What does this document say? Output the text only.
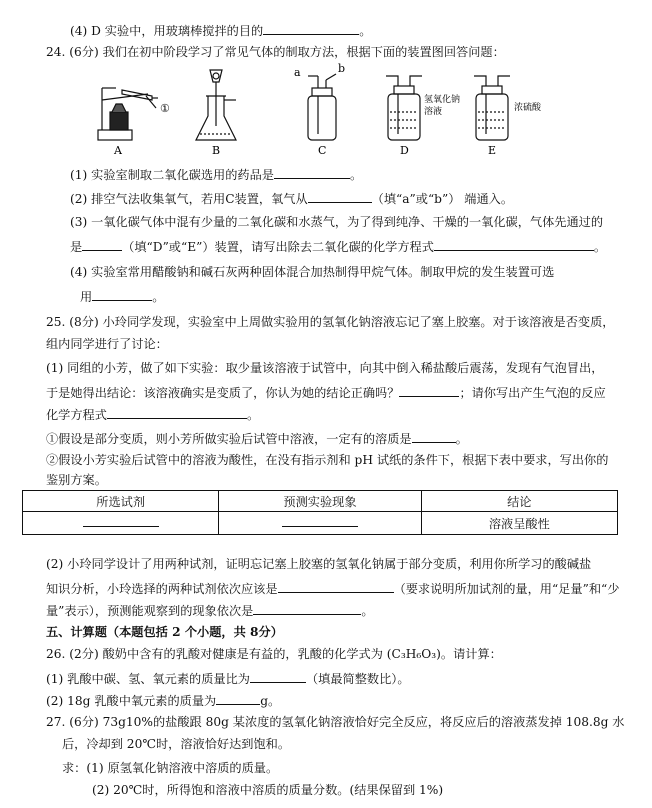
(4) D 实验中，用玻璃棒搅拌的目的	。
24. (6分) 我们在初中阶段学习了常见气体的制取方法，根据下面的装置图回答问题：
①
A	B
a	b
C
氢氧化钠
溶液
D
浓硫酸
E
(1) 实验室制取二氧化碳选用的药品是	。
(2) 排空气法收集氧气，若用C装置，氧气从	（填“a”或“b”） 端通入。
(3) 一氧化碳气体中混有少量的二氧化碳和水蒸气，为了得到纯净、干燥的一氧化碳，气体先通过的
是	（填“D”或“E”）装置，请写出除去二氧化碳的化学方程式	。
(4) 实验室常用醋酸钠和碱石灰两种固体混合加热制得甲烷气体。制取甲烷的发生装置可选
用	。
25. (8分) 小玲同学发现，实验室中上周做实验用的氢氧化钠溶液忘记了塞上胶塞。对于该溶液是否变质，
组内同学进行了讨论：
(1) 同组的小芳，做了如下实验：取少量该溶液于试管中，向其中倒入稀盐酸后震荡，发现有气泡冒出，
于是她得出结论：该溶液确实是变质了，你认为她的结论正确吗？	；请你写出产生气泡的反应
化学方程式	。
①假设是部分变质，则小芳所做实验后试管中溶液，一定有的溶质是	。
②假设小芳实验后试管中的溶液为酸性，在没有指示剂和 pH 试纸的条件下，根据下表中要求，写出你的
鉴别方案。
所选试剂	预测实验现象	结论
		溶液呈酸性
(2) 小玲同学设计了用两种试剂，证明忘记塞上胶塞的氢氧化钠属于部分变质，利用你所学习的酸碱盐
知识分析，小玲选择的两种试剂依次应该是	（要求说明所加试剂的量，用“足量”和“少
量”表示），预测能观察到的现象依次是	。
五、计算题（本题包括 2 个小题，共 8分）
26. (2分) 酸奶中含有的乳酸对健康是有益的，乳酸的化学式为 (C₃H₆O₃)。请计算：
(1) 乳酸中碳、氢、氧元素的质量比为	（填最简整数比）。
(2) 18g 乳酸中氧元素的质量为	g。
27. (6分) 73g10%的盐酸跟 80g 某浓度的氢氧化钠溶液恰好完全反应，将反应后的溶液蒸发掉 108.8g 水
后，冷却到 20℃时，溶液恰好达到饱和。
求：(1) 原氢氧化钠溶液中溶质的质量。
(2) 20℃时，所得饱和溶液中溶质的质量分数。(结果保留到 1%)
